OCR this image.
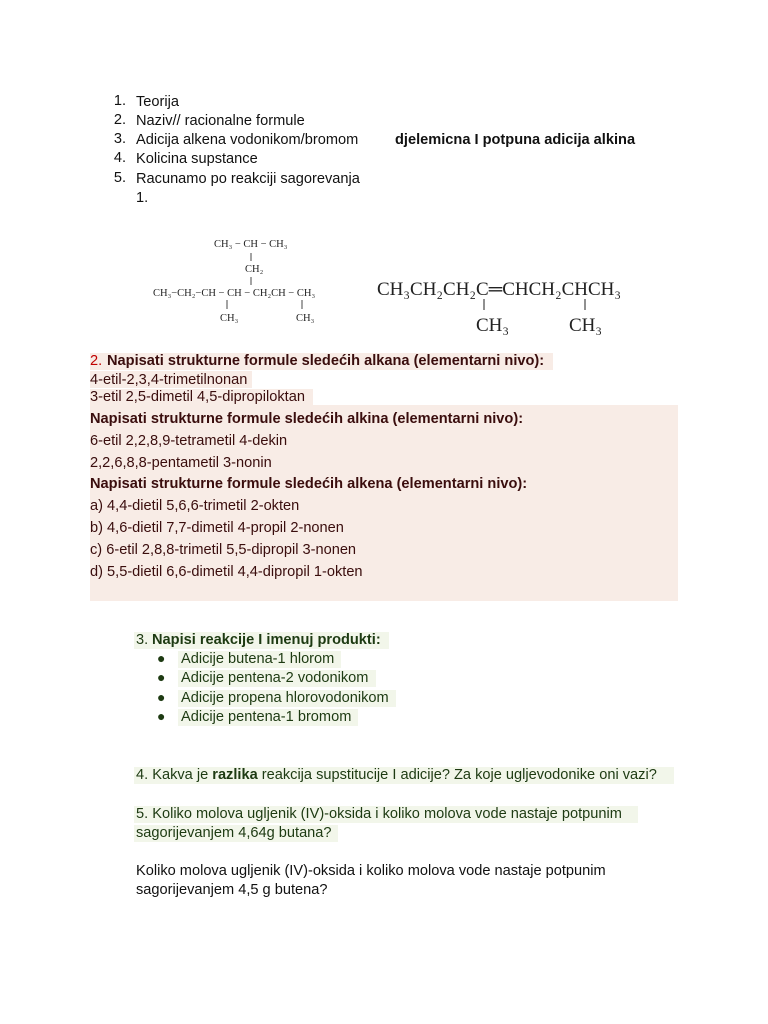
1. Teorija
2. Naziv// racionalne formule
3. Adicija alkena vodonikom/bromom	djelemicna I potpuna adicija alkina
4. Kolicina supstance
5. Racunamo po reakciji sagorevanja
1.
CH₃ − CH − CH₃
CH₂
CH₃−CH₂−CH − CH − CH₂CH − CH₃
CH₃	CH₃
CH₃CH₂CH₂C═CHCH₂CHCH₃
CH₃	CH₃
2. Napisati strukturne formule sledećih alkana (elementarni nivo):
4-etil-2,3,4-trimetilnonan
3-etil 2,5-dimetil 4,5-dipropiloktan
Napisati strukturne formule sledećih alkina (elementarni nivo):
6-etil 2,2,8,9-tetrametil 4-dekin
2,2,6,8,8-pentametil 3-nonin
Napisati strukturne formule sledećih alkena (elementarni nivo):
a) 4,4-dietil 5,6,6-trimetil 2-okten
b) 4,6-dietil 7,7-dimetil 4-propil 2-nonen
c) 6-etil 2,8,8-trimetil 5,5-dipropil 3-nonen
d) 5,5-dietil 6,6-dimetil 4,4-dipropil 1-okten
3. Napisi reakcije I imenuj produkti:
● Adicije butena-1 hlorom
● Adicije pentena-2 vodonikom
● Adicije propena hlorovodonikom
● Adicije pentena-1 bromom
4. Kakva je razlika reakcija supstitucije I adicije? Za koje ugljevodonike oni vazi?
5. Koliko molova ugljenik (IV)-oksida i koliko molova vode nastaje potpunim
sagorijevanjem 4,64g butana?
Koliko molova ugljenik (IV)-oksida i koliko molova vode nastaje potpunim
sagorijevanjem 4,5 g butena?
